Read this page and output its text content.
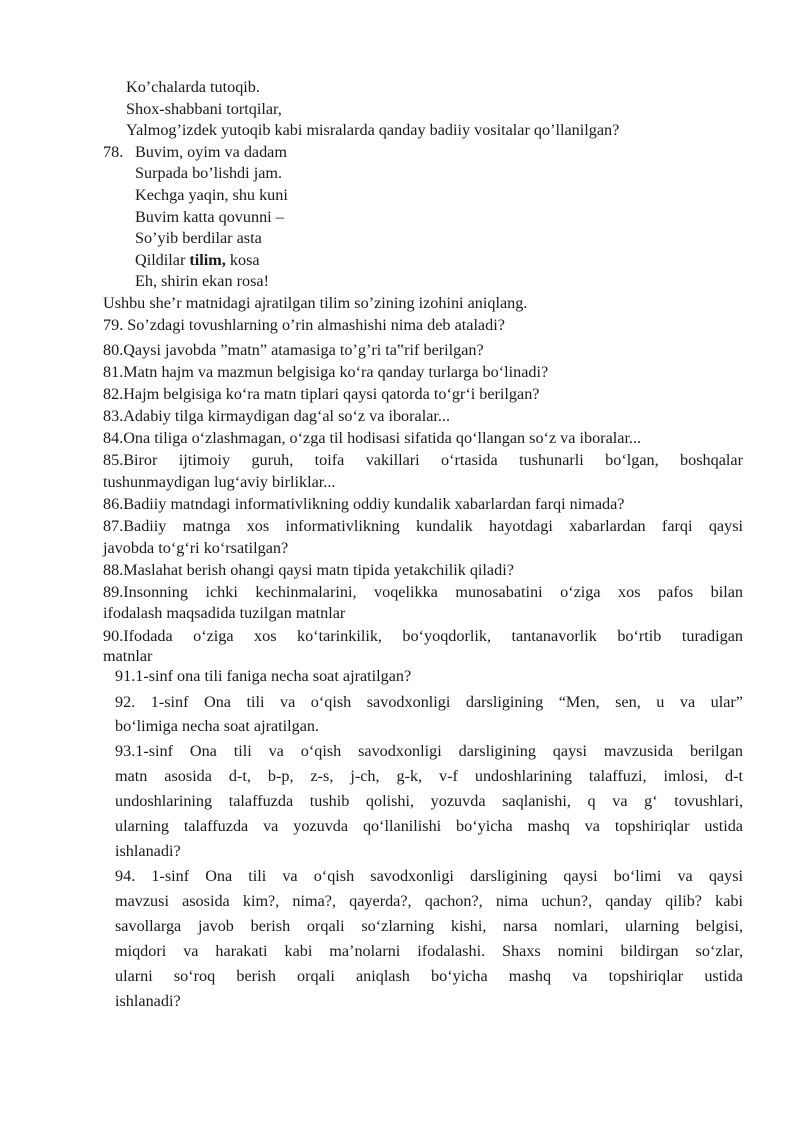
Ko’chalarda tutoqib.
Shox-shabbani tortqilar,
Yalmog’izdek yutoqib kabi misralarda qanday badiiy vositalar qo’llanilgan?
78. Buvim, oyim va dadam
Surpada bo’lishdi jam.
Kechga yaqin, shu kuni
Buvim katta qovunni –
So’yib berdilar asta
Qildilar tilim, kosa
Eh, shirin ekan rosa!
Ushbu she’r matnidagi ajratilgan tilim so’zining izohini aniqlang.
79. So’zdagi tovushlarning o’rin almashishi nima deb ataladi?
80.Qaysi javobda ”matn” atamasiga to’g’ri ta‟rif berilgan?
81.Matn hajm va mazmun belgisiga ko‘ra qanday turlarga bo‘linadi?
82.Hajm belgisiga ko‘ra matn tiplari qaysi qatorda to‘gr‘i berilgan?
83.Adabiy tilga kirmaydigan dag‘al so‘z va iboralar...
84.Ona tiliga o‘zlashmagan, o‘zga til hodisasi sifatida qo‘llangan so‘z va iboralar...
85.Biror ijtimoiy guruh, toifa vakillari o‘rtasida tushunarli bo‘lgan, boshqalar
tushunmaydigan lug‘aviy birliklar...
86.Badiiy matndagi informativlikning oddiy kundalik xabarlardan farqi nimada?
87.Badiiy matnga xos informativlikning kundalik hayotdagi xabarlardan farqi qaysi
javobda to‘g‘ri ko‘rsatilgan?
88.Maslahat berish ohangi qaysi matn tipida yetakchilik qiladi?
89.Insonning ichki kechinmalarini, voqelikka munosabatini o‘ziga xos pafos bilan
ifodalash maqsadida tuzilgan matnlar
90.Ifodada o‘ziga xos ko‘tarinkilik, bo‘yoqdorlik, tantanavorlik bo‘rtib turadigan
matnlar
91.1-sinf ona tili faniga necha soat ajratilgan?
92. 1-sinf Ona tili va o‘qish savodxonligi darsligining “Men, sen, u va ular”
bo‘limiga necha soat ajratilgan.
93.1-sinf Ona tili va o‘qish savodxonligi darsligining qaysi mavzusida berilgan
matn asosida d-t, b-p, z-s, j-ch, g-k, v-f undoshlarining talaffuzi, imlosi, d-t
undoshlarining talaffuzda tushib qolishi, yozuvda saqlanishi, q va g‘ tovushlari,
ularning talaffuzda va yozuvda qo‘llanilishi bo‘yicha mashq va topshiriqlar ustida
ishlanadi?
94. 1-sinf Ona tili va o‘qish savodxonligi darsligining qaysi bo‘limi va qaysi
mavzusi asosida kim?, nima?, qayerda?, qachon?, nima uchun?, qanday qilib? kabi
savollarga javob berish orqali so‘zlarning kishi, narsa nomlari, ularning belgisi,
miqdori va harakati kabi ma’nolarni ifodalashi. Shaxs nomini bildirgan so‘zlar,
ularni so‘roq berish orqali aniqlash bo‘yicha mashq va topshiriqlar ustida
ishlanadi?
